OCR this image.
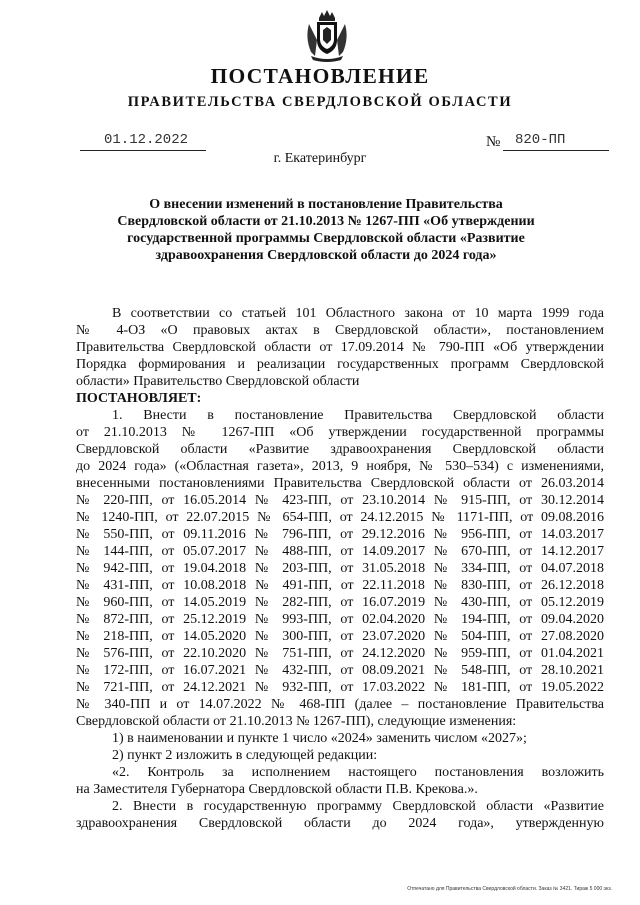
ПОСТАНОВЛЕНИЕ
ПРАВИТЕЛЬСТВА СВЕРДЛОВСКОЙ ОБЛАСТИ
01.12.2022	№ 820-ПП
г. Екатеринбург
О внесении изменений в постановление Правительства
Свердловской области от 21.10.2013 № 1267-ПП «Об утверждении
государственной программы Свердловской области «Развитие
здравоохранения Свердловской области до 2024 года»
В соответствии со статьей 101 Областного закона от 10 марта 1999 года
№ 4-ОЗ «О правовых актах в Свердловской области», постановлением
Правительства Свердловской области от 17.09.2014 № 790-ПП «Об утверждении
Порядка формирования и реализации государственных программ Свердловской
области» Правительство Свердловской области
ПОСТАНОВЛЯЕТ:
1. Внести в постановление Правительства Свердловской области
от 21.10.2013 № 1267-ПП «Об утверждении государственной программы
Свердловской области «Развитие здравоохранения Свердловской области
до 2024 года» («Областная газета», 2013, 9 ноября, № 530–534) с изменениями,
внесенными постановлениями Правительства Свердловской области от 26.03.2014
№ 220-ПП, от 16.05.2014 № 423-ПП, от 23.10.2014 № 915-ПП, от 30.12.2014
№ 1240-ПП, от 22.07.2015 № 654-ПП, от 24.12.2015 № 1171-ПП, от 09.08.2016
№ 550-ПП, от 09.11.2016 № 796-ПП, от 29.12.2016 № 956-ПП, от 14.03.2017
№ 144-ПП, от 05.07.2017 № 488-ПП, от 14.09.2017 № 670-ПП, от 14.12.2017
№ 942-ПП, от 19.04.2018 № 203-ПП, от 31.05.2018 № 334-ПП, от 04.07.2018
№ 431-ПП, от 10.08.2018 № 491-ПП, от 22.11.2018 № 830-ПП, от 26.12.2018
№ 960-ПП, от 14.05.2019 № 282-ПП, от 16.07.2019 № 430-ПП, от 05.12.2019
№ 872-ПП, от 25.12.2019 № 993-ПП, от 02.04.2020 № 194-ПП, от 09.04.2020
№ 218-ПП, от 14.05.2020 № 300-ПП, от 23.07.2020 № 504-ПП, от 27.08.2020
№ 576-ПП, от 22.10.2020 № 751-ПП, от 24.12.2020 № 959-ПП, от 01.04.2021
№ 172-ПП, от 16.07.2021 № 432-ПП, от 08.09.2021 № 548-ПП, от 28.10.2021
№ 721-ПП, от 24.12.2021 № 932-ПП, от 17.03.2022 № 181-ПП, от 19.05.2022
№ 340-ПП и от 14.07.2022 № 468-ПП (далее – постановление Правительства
Свердловской области от 21.10.2013 № 1267-ПП), следующие изменения:
1) в наименовании и пункте 1 число «2024» заменить числом «2027»;
2) пункт 2 изложить в следующей редакции:
«2. Контроль за исполнением настоящего постановления возложить
на Заместителя Губернатора Свердловской области П.В. Крекова.».
2. Внести в государственную программу Свердловской области «Развитие
здравоохранения Свердловской области до 2024 года», утвержденную
Отпечатано для Правительства Свердловской области. Заказ № 3421. Тираж 5 000 экз.
